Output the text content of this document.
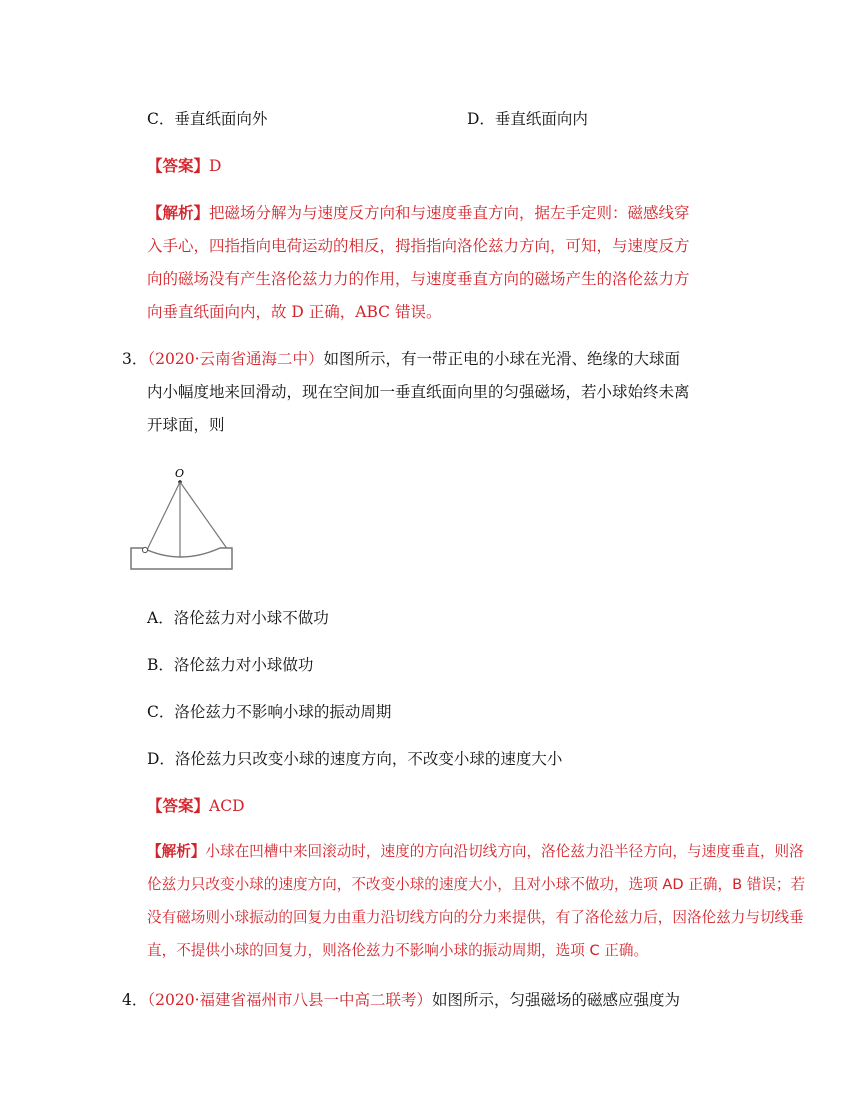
C．垂直纸面向外	D．垂直纸面向内
【答案】D
【解析】把磁场分解为与速度反方向和与速度垂直方向，据左手定则：磁感线穿
入手心，四指指向电荷运动的相反，拇指指向洛伦兹力方向，可知，与速度反方
向的磁场没有产生洛伦兹力力的作用，与速度垂直方向的磁场产生的洛伦兹力方
向垂直纸面向内，故 D 正确，ABC 错误。
3．（2020·云南省通海二中）如图所示，有一带正电的小球在光滑、绝缘的大球面
内小幅度地来回滑动，现在空间加一垂直纸面向里的匀强磁场，若小球始终未离
开球面，则
O
A．洛伦兹力对小球不做功
B．洛伦兹力对小球做功
C．洛伦兹力不影响小球的振动周期
D．洛伦兹力只改变小球的速度方向，不改变小球的速度大小
【答案】ACD
【解析】小球在凹槽中来回滚动时，速度的方向沿切线方向，洛伦兹力沿半径方向，与速度垂直，则洛
伦兹力只改变小球的速度方向，不改变小球的速度大小，且对小球不做功，选项 AD 正确，B 错误；若
没有磁场则小球振动的回复力由重力沿切线方向的分力来提供，有了洛伦兹力后，因洛伦兹力与切线垂
直，不提供小球的回复力，则洛伦兹力不影响小球的振动周期，选项 C 正确。
4．（2020·福建省福州市八县一中高二联考）如图所示，匀强磁场的磁感应强度为
